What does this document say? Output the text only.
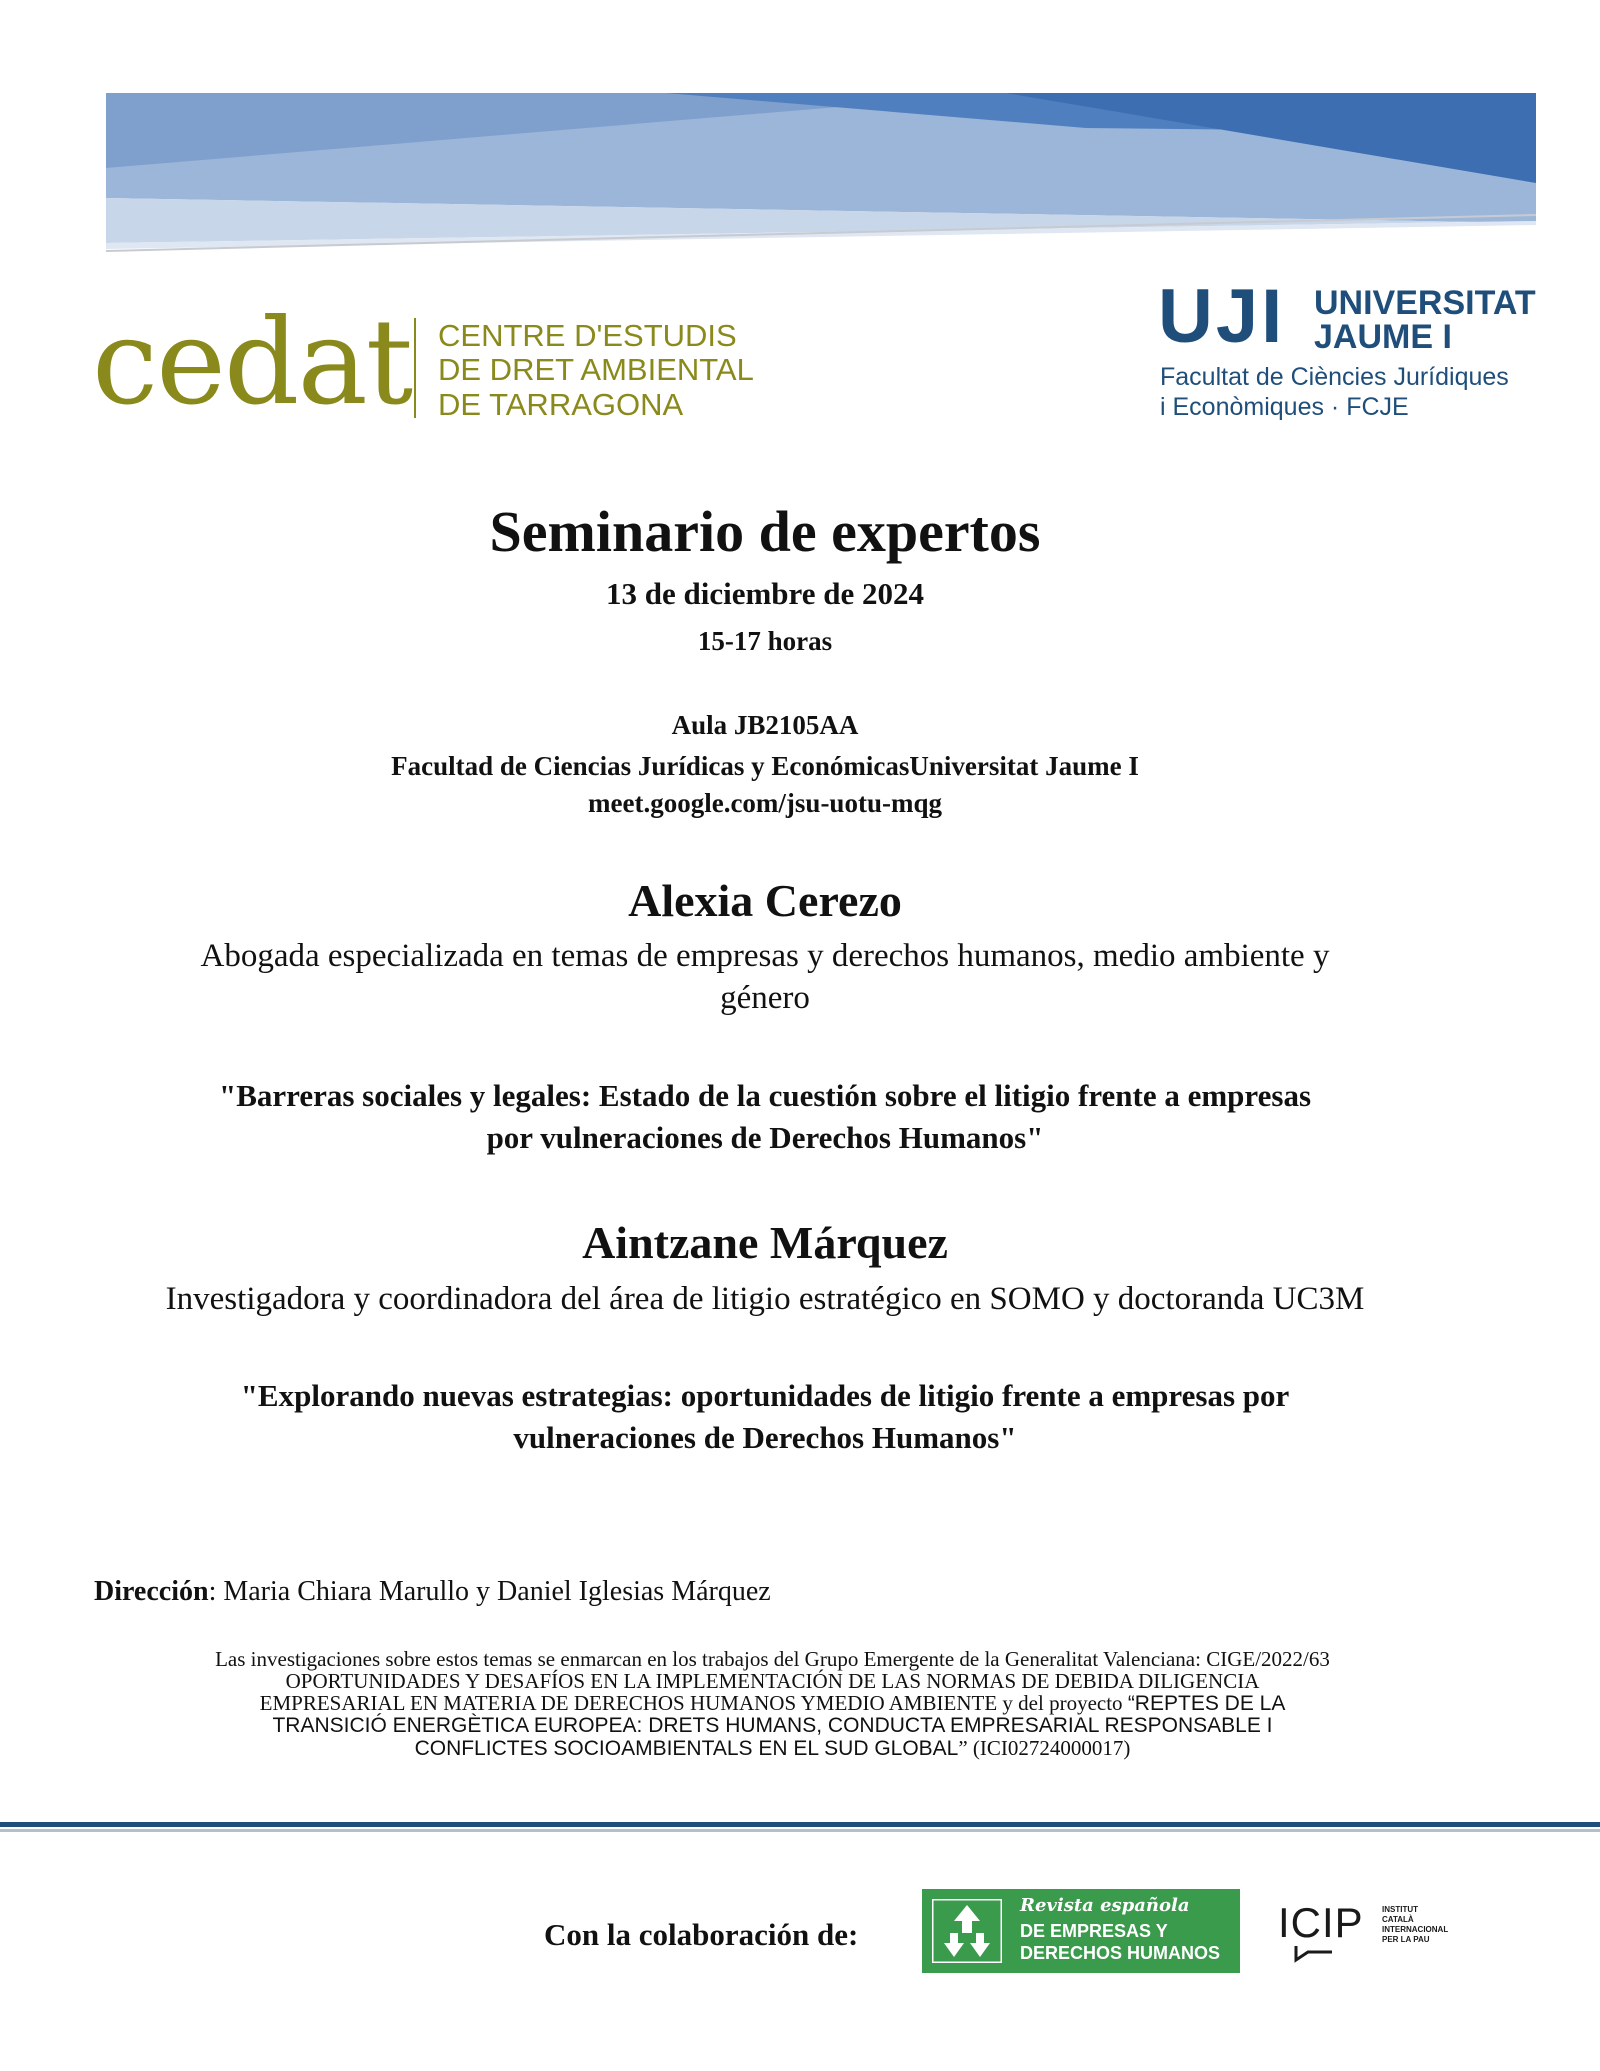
cedat CENTRE D'ESTUDIS
DE DRET AMBIENTAL
DE TARRAGONA
UJI UNIVERSITAT
JAUME I
Facultat de Ciències Jurídiques
i Econòmiques · FCJE
Seminario de expertos
13 de diciembre de 2024
15-17 horas
Aula JB2105AA
Facultad de Ciencias Jurídicas y EconómicasUniversitat Jaume I
meet.google.com/jsu-uotu-mqg
Alexia Cerezo
Abogada especializada en temas de empresas y derechos humanos, medio ambiente y
género
"Barreras sociales y legales: Estado de la cuestión sobre el litigio frente a empresas
por vulneraciones de Derechos Humanos"
Aintzane Márquez
Investigadora y coordinadora del área de litigio estratégico en SOMO y doctoranda UC3M
"Explorando nuevas estrategias: oportunidades de litigio frente a empresas por
vulneraciones de Derechos Humanos"
Dirección: Maria Chiara Marullo y Daniel Iglesias Márquez
Las investigaciones sobre estos temas se enmarcan en los trabajos del Grupo Emergente de la Generalitat Valenciana: CIGE/2022/63
OPORTUNIDADES Y DESAFÍOS EN LA IMPLEMENTACIÓN DE LAS NORMAS DE DEBIDA DILIGENCIA
EMPRESARIAL EN MATERIA DE DERECHOS HUMANOS YMEDIO AMBIENTE y del proyecto “REPTES DE LA
TRANSICIÓ ENERGÈTICA EUROPEA: DRETS HUMANS, CONDUCTA EMPRESARIAL RESPONSABLE I
CONFLICTES SOCIOAMBIENTALS EN EL SUD GLOBAL” (ICI02724000017)
Con la colaboración de:
Revista española
DE EMPRESAS Y
DERECHOS HUMANOS
ICIP	INSTITUT
CATALÀ
INTERNACIONAL
PER LA PAU
